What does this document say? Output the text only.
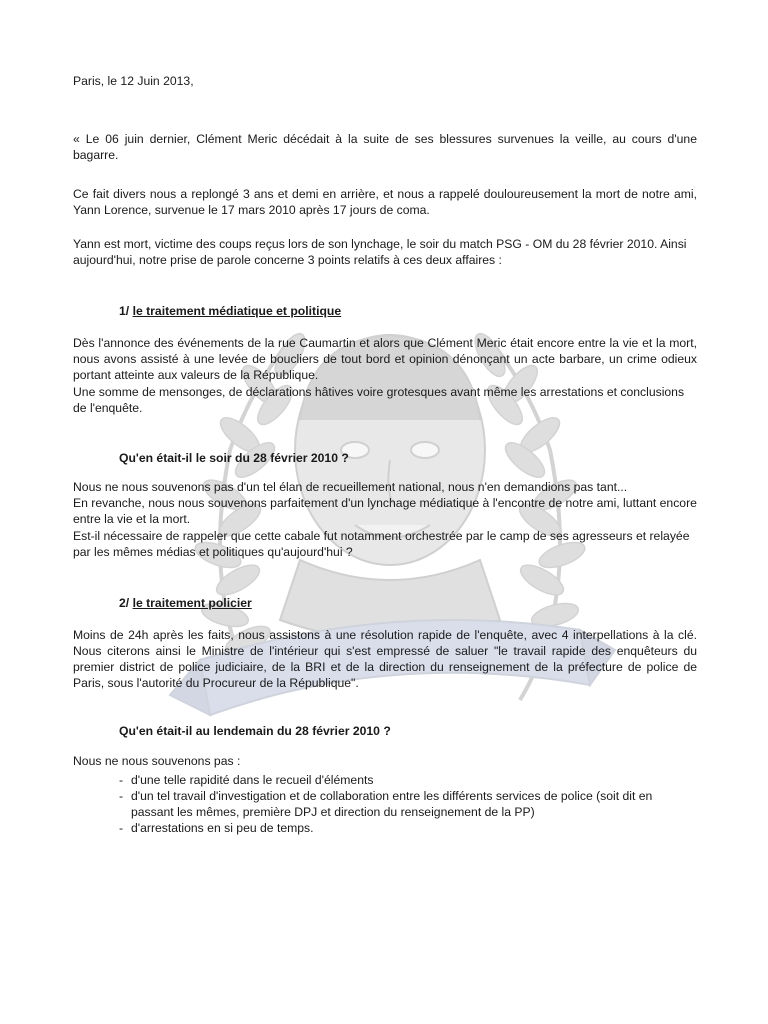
Paris, le 12 Juin 2013,

« Le 06 juin dernier, Clément Meric décédait à la suite de ses blessures survenues la veille, au cours d'une bagarre.

Ce fait divers nous a replongé 3 ans et demi en arrière, et nous a rappelé douloureusement la mort de notre ami, Yann Lorence, survenue le 17 mars 2010 après 17 jours de coma.

Yann est mort, victime des coups reçus lors de son lynchage, le soir du match PSG - OM du 28 février 2010. Ainsi aujourd'hui, notre prise de parole concerne 3 points relatifs à ces deux affaires :

1/ le traitement médiatique et politique

Dès l'annonce des événements de la rue Caumartin et alors que Clément Meric était encore entre la vie et la mort, nous avons assisté à une levée de boucliers de tout bord et opinion dénonçant un acte barbare, un crime odieux portant atteinte aux valeurs de la République.

Une somme de mensonges, de déclarations hâtives voire grotesques avant même les arrestations et conclusions de l'enquête.

Qu'en était-il le soir du 28 février 2010 ?

Nous ne nous souvenons pas d'un tel élan de recueillement national, nous n'en demandions pas tant...

En revanche, nous nous souvenons parfaitement d'un lynchage médiatique à l'encontre de notre ami, luttant encore entre la vie et la mort.

Est-il nécessaire de rappeler que cette cabale fut notamment orchestrée par le camp de ses agresseurs et relayée par les mêmes médias et politiques qu'aujourd'hui ?

2/ le traitement policier

Moins de 24h après les faits, nous assistons à une résolution rapide de l'enquête, avec 4 interpellations à la clé. Nous citerons ainsi le Ministre de l'intérieur qui s'est empressé de saluer "le travail rapide des enquêteurs du premier district de police judiciaire, de la BRI et de la direction du renseignement de la préfecture de police de Paris, sous l'autorité du Procureur de la République".

Qu'en était-il au lendemain du 28 février 2010 ?

Nous ne nous souvenons pas :

- d'une telle rapidité dans le recueil d'éléments
- d'un tel travail d'investigation et de collaboration entre les différents services de police (soit dit en passant les mêmes, première DPJ et direction du renseignement de la PP)
- d'arrestations en si peu de temps.
